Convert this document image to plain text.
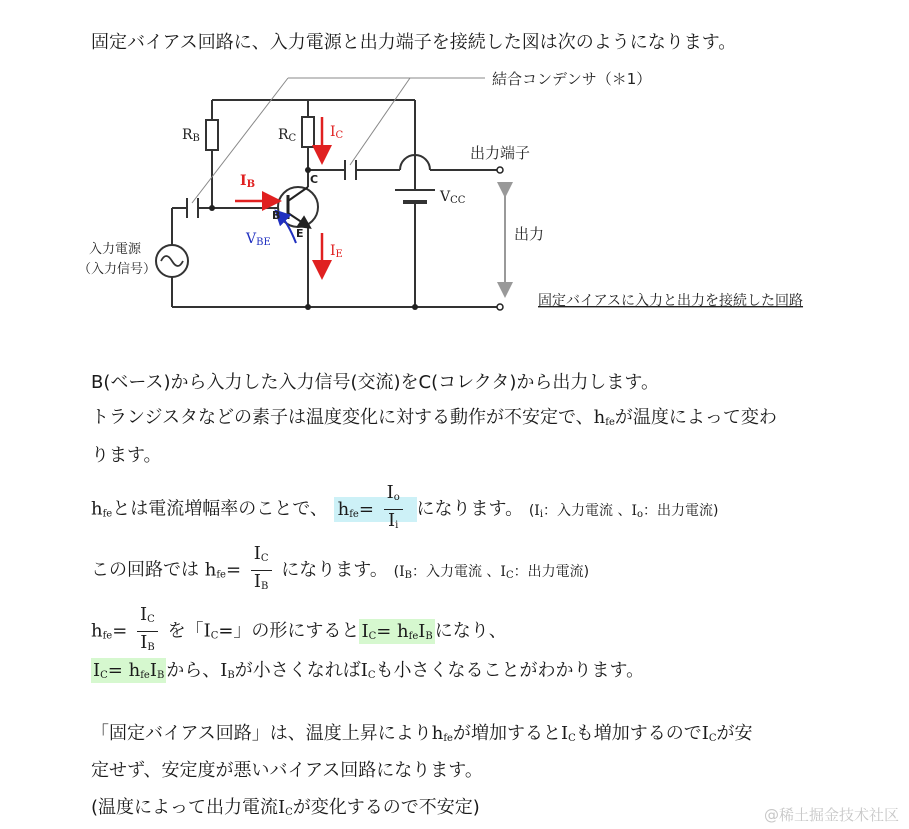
固定バイアス回路に、入力電源と出力端子を接続した図は次のようになります。
結合コンデンサ（＊1）
RB	RC IC
IB
IE
VBE
VCC
C
B
E
出力端子
出力
入力電源
（入力信号）
固定バイアスに入力と出力を接続した回路
B(ベース)から入力した入力信号(交流)をC(コレクタ)から出力します。
トランジスタなどの素子は温度変化に対する動作が不安定で、$h_{fe}$が温度によって変わ
ります。
$h_{fe}$とは電流増幅率のことで、 $h_{fe}= \frac{I_o}{I_i}$ になります。 ($I_i$：入力電流 、$I_o$：出力電流)
この回路では $h_{fe}= \frac{I_C}{I_B}$ になります。 ($I_B$：入力電流 、$I_C$：出力電流)
$h_{fe}= \frac{I_C}{I_B}$ を「$I_C=$」の形にすると $I_C= h_{fe}I_B$ になり、
$I_C= h_{fe}I_B$ から、$I_B$が小さくなれば$I_C$も小さくなることがわかります。
「固定バイアス回路」は、温度上昇により$h_{fe}$が増加すると$I_C$も増加するので$I_C$が安
定せず、安定度が悪いバイアス回路になります。
(温度によって出力電流$I_C$が変化するので不安定)	@稀土掘金技术社区
